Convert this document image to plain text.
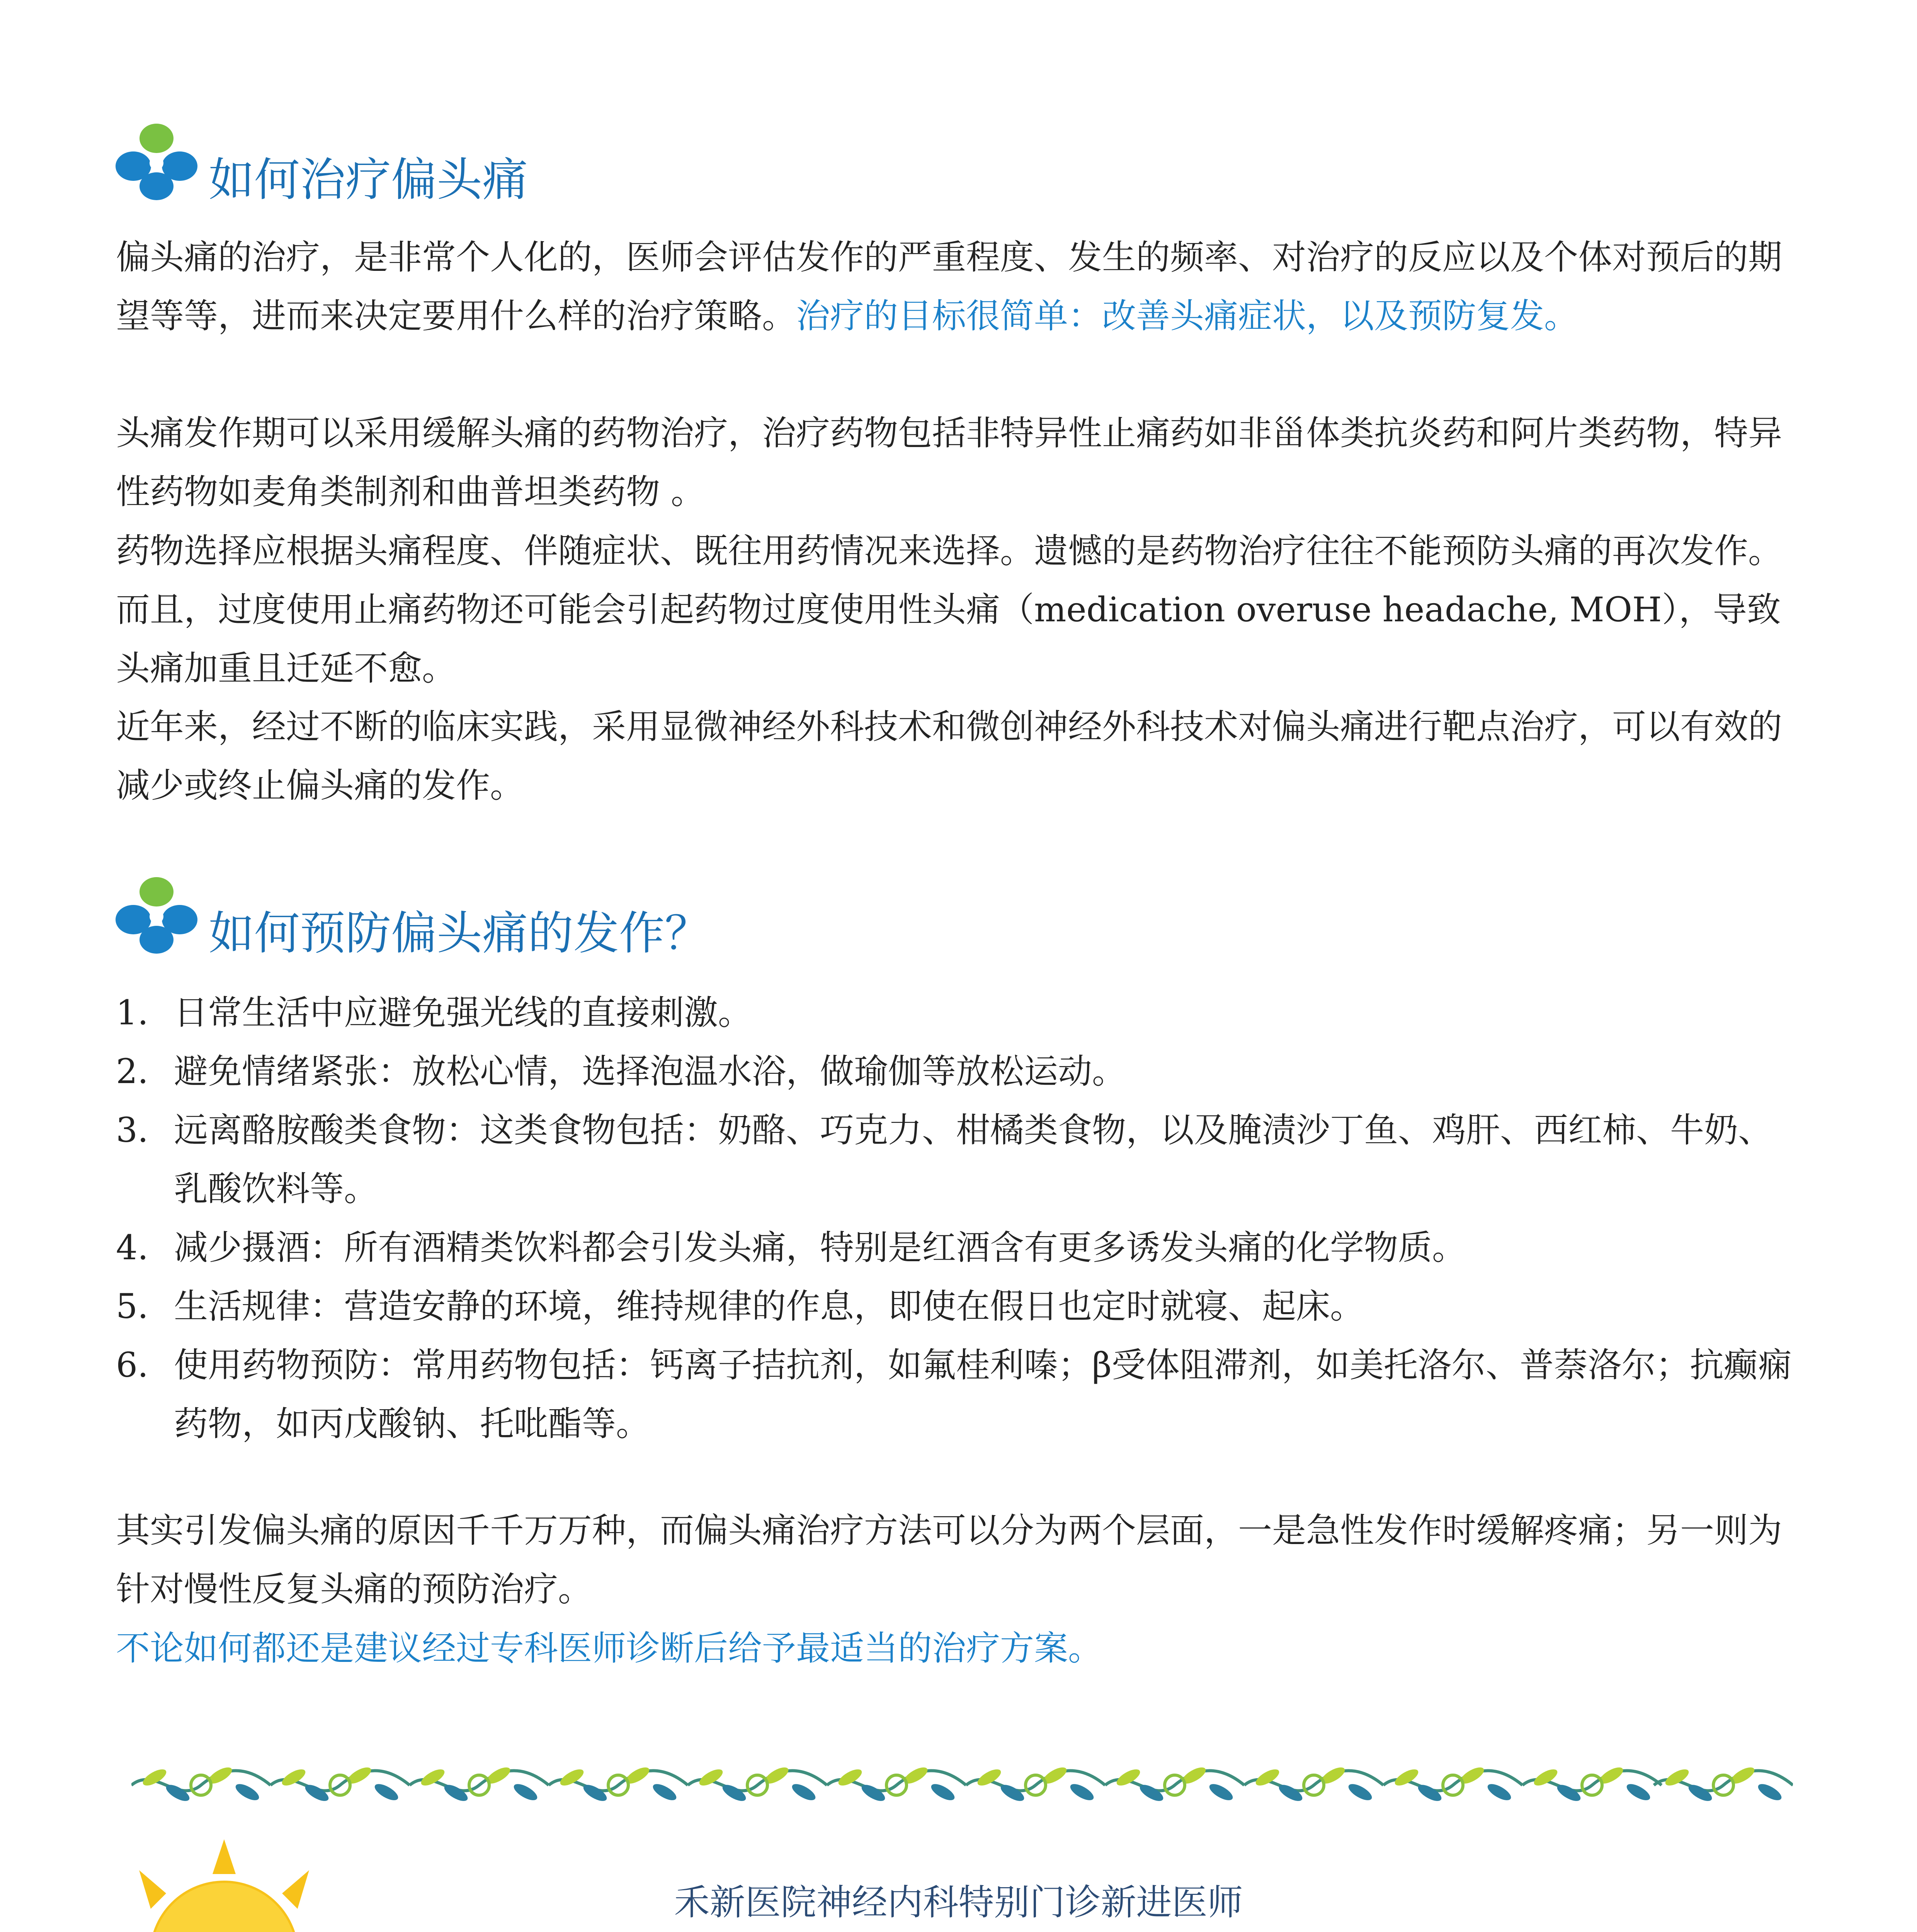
如何治疗偏头痛

偏头痛的治疗，是非常个人化的，医师会评估发作的严重程度、发生的频率、对治疗的反应以及个体对预后的期望等等，进而来决定要用什么样的治疗策略。治疗的目标很简单：改善头痛症状，以及预防复发。

头痛发作期可以采用缓解头痛的药物治疗，治疗药物包括非特异性止痛药如非甾体类抗炎药和阿片类药物，特异性药物如麦角类制剂和曲普坦类药物 。

药物选择应根据头痛程度、伴随症状、既往用药情况来选择。遗憾的是药物治疗往往不能预防头痛的再次发作。而且，过度使用止痛药物还可能会引起药物过度使用性头痛（medication overuse headache, MOH），导致头痛加重且迁延不愈。

近年来，经过不断的临床实践，采用显微神经外科技术和微创神经外科技术对偏头痛进行靶点治疗，可以有效的减少或终止偏头痛的发作。

如何预防偏头痛的发作？
1. 日常生活中应避免强光线的直接刺激。
2. 避免情绪紧张：放松心情，选择泡温水浴，做瑜伽等放松运动。
3. 远离酪胺酸类食物：这类食物包括：奶酪、巧克力、柑橘类食物，以及腌渍沙丁鱼、鸡肝、西红柿、牛奶、乳酸饮料等。
4. 减少摄酒：所有酒精类饮料都会引发头痛，特别是红酒含有更多诱发头痛的化学物质。
5. 生活规律：营造安静的环境，维持规律的作息，即使在假日也定时就寝、起床。
6. 使用药物预防：常用药物包括：钙离子拮抗剂，如氟桂利嗪；β受体阻滞剂，如美托洛尔、普萘洛尔；抗癫痫药物，如丙戊酸钠、托吡酯等。

其实引发偏头痛的原因千千万万种，而偏头痛治疗方法可以分为两个层面，一是急性发作时缓解疼痛；另一则为针对慢性反复头痛的预防治疗。

不论如何都还是建议经过专科医师诊断后给予最适当的治疗方案。

禾新医院神经内科特别门诊新进医师
